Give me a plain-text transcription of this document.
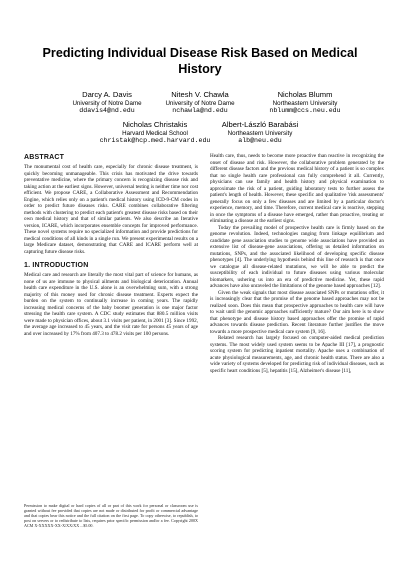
Predicting Individual Disease Risk Based on Medical History
Darcy A. Davis
University of Notre Dame
ddavis4@nd.edu
Nitesh V. Chawla
University of Notre Dame
nchawla@nd.edu
Nicholas Blumm
Northeastern University
nblumm@ccs.neu.edu
Nicholas Christakis
Harvard Medical School
christak@hcp.med.harvard.edu
Albert-László Barabási
Northeastern University
alb@neu.edu
ABSTRACT

The monumental cost of health care, especially for chronic disease treatment, is quickly becoming unmanageable. This crisis has motivated the drive towards preventative medicine, where the primary concern is recognizing disease risk and taking action at the earliest signs. However, universal testing is neither time nor cost efficient. We propose CARE, a Collaborative Assessment and Recommendation Engine, which relies only on a patient's medical history using ICD-9-CM codes in order to predict future diseases risks. CARE combines collaborative filtering methods with clustering to predict each patient's greatest disease risks based on their own medical history and that of similar patients. We also describe an Iterative version, ICARE, which incorporates ensemble concepts for improved performance. These novel systems require no specialized information and provide predictions for medical conditions of all kinds in a single run. We present experimental results on a large Medicare dataset, demonstrating that CARE and ICARE perform well at capturing future disease risks.

1. INTRODUCTION

Medical care and research are literally the most vital part of science for humans, as none of us are immune to physical ailments and biological deterioration. Annual health care expenditure in the U.S. alone is an overwhelming sum, with a strong majority of this money used for chronic disease treatment. Experts expect the burden on the system to continually increase in coming years. The rapidly increasing medical concerns of the baby boomer generation is one major factor stressing the health care system. A CDC study estimates that 880.5 million visits were made to physician offices, about 3.1 visits per patient, in 2001 [3]. Since 1992, the average age increased to 45 years, and the visit rate for persons 45 years of age and over increased by 17% from 407.3 to 478.2 visits per 100 persons.

Health care, thus, needs to become more proactive than reactive in recognizing the onset of disease and risk. However, the collaborative problem generated by the different disease factors and the previous medical history of a patient is so complex that no single health care professional can fully comprehend it all. Currently, physicians can use family and health history and physical examination to approximate the risk of a patient, guiding laboratory tests to further assess the patient's length of health. However, these specific and qualitative 'risk assessments' generally focus on only a few diseases and are limited by a particular doctor's experience, memory, and time. Therefore, current medical care is reactive, stepping in once the symptoms of a disease have emerged, rather than proactive, treating or eliminating a disease at the earliest signs.

Today the prevailing model of prospective health care is firmly based on the genome revolution. Indeed, technologies ranging from linkage equilibrium and candidate gene association studies to genome wide associations have provided an extensive list of disease-gene associations, offering us detailed information on mutations, SNPs, and the associated likelihood of developing specific disease phenotypes [4]. The underlying hypothesis behind this line of research is that once we catalogue all disease-related mutations, we will be able to predict the susceptibility of each individual to future diseases using various molecular biomarkers, ushering us into an era of predictive medicine. Yet, these rapid advances have also unraveled the limitations of the genome based approaches [12].

Given the weak signals that most disease associated SNPs or mutations offer, it is increasingly clear that the promise of the genome based approaches may not be realized soon. Does this mean that prospective approaches to health care will have to wait until the genomic approaches sufficiently mature? Our aim here is to show that phenotype and disease history based approaches offer the promise of rapid advances towards disease prediction. Recent literature further justifies the move towards a more prospective medical care system [9, 16].

Related research has largely focused on computer-aided medical prediction systems. The most widely used system seems to be Apache III [17], a prognostic scoring system for predicting inpatient mortality. Apache uses a combination of acute physiological measurements, age, and chronic health status. There are also a wide variety of systems developed for predicting risk of individual diseases, such as specific heart conditions [5], hepatitis [15], Alzheimer's disease [11],

Permission to make digital or hard copies of all or part of this work for personal or classroom use is granted without fee provided that copies are not made or distributed for profit or commercial advantage and that copies bear this notice and the full citation on the first page. To copy otherwise, to republish, to post on servers or to redistribute to lists, requires prior specific permission and/or a fee. Copyright 200X ACM X-XXXXX-XX-X/XX/XX ...$5.00.
